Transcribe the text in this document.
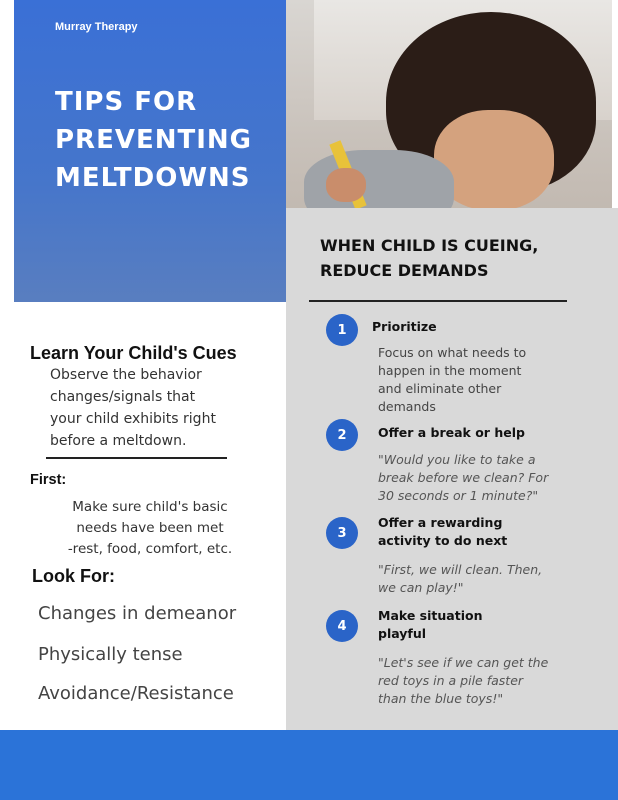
Murray Therapy
TIPS FOR
PREVENTING
MELTDOWNS
WHEN CHILD IS CUEING,
REDUCE DEMANDS
1	Prioritize
Focus on what needs to
happen in the moment
and eliminate other
demands
2	Offer a break or help
"Would you like to take a
break before we clean? For
30 seconds or 1 minute?"
3
Offer a rewarding
activity to do next
"First, we will clean. Then,
we can play!"
4
Make situation
playful
"Let's see if we can get the
red toys in a pile faster
than the blue toys!"
Learn Your Child's Cues
Observe the behavior
changes/signals that
your child exhibits right
before a meltdown.
First:
Make sure child's basic
needs have been met
-rest, food, comfort, etc.
Look For:
Changes in demeanor
Physically tense
Avoidance/Resistance
